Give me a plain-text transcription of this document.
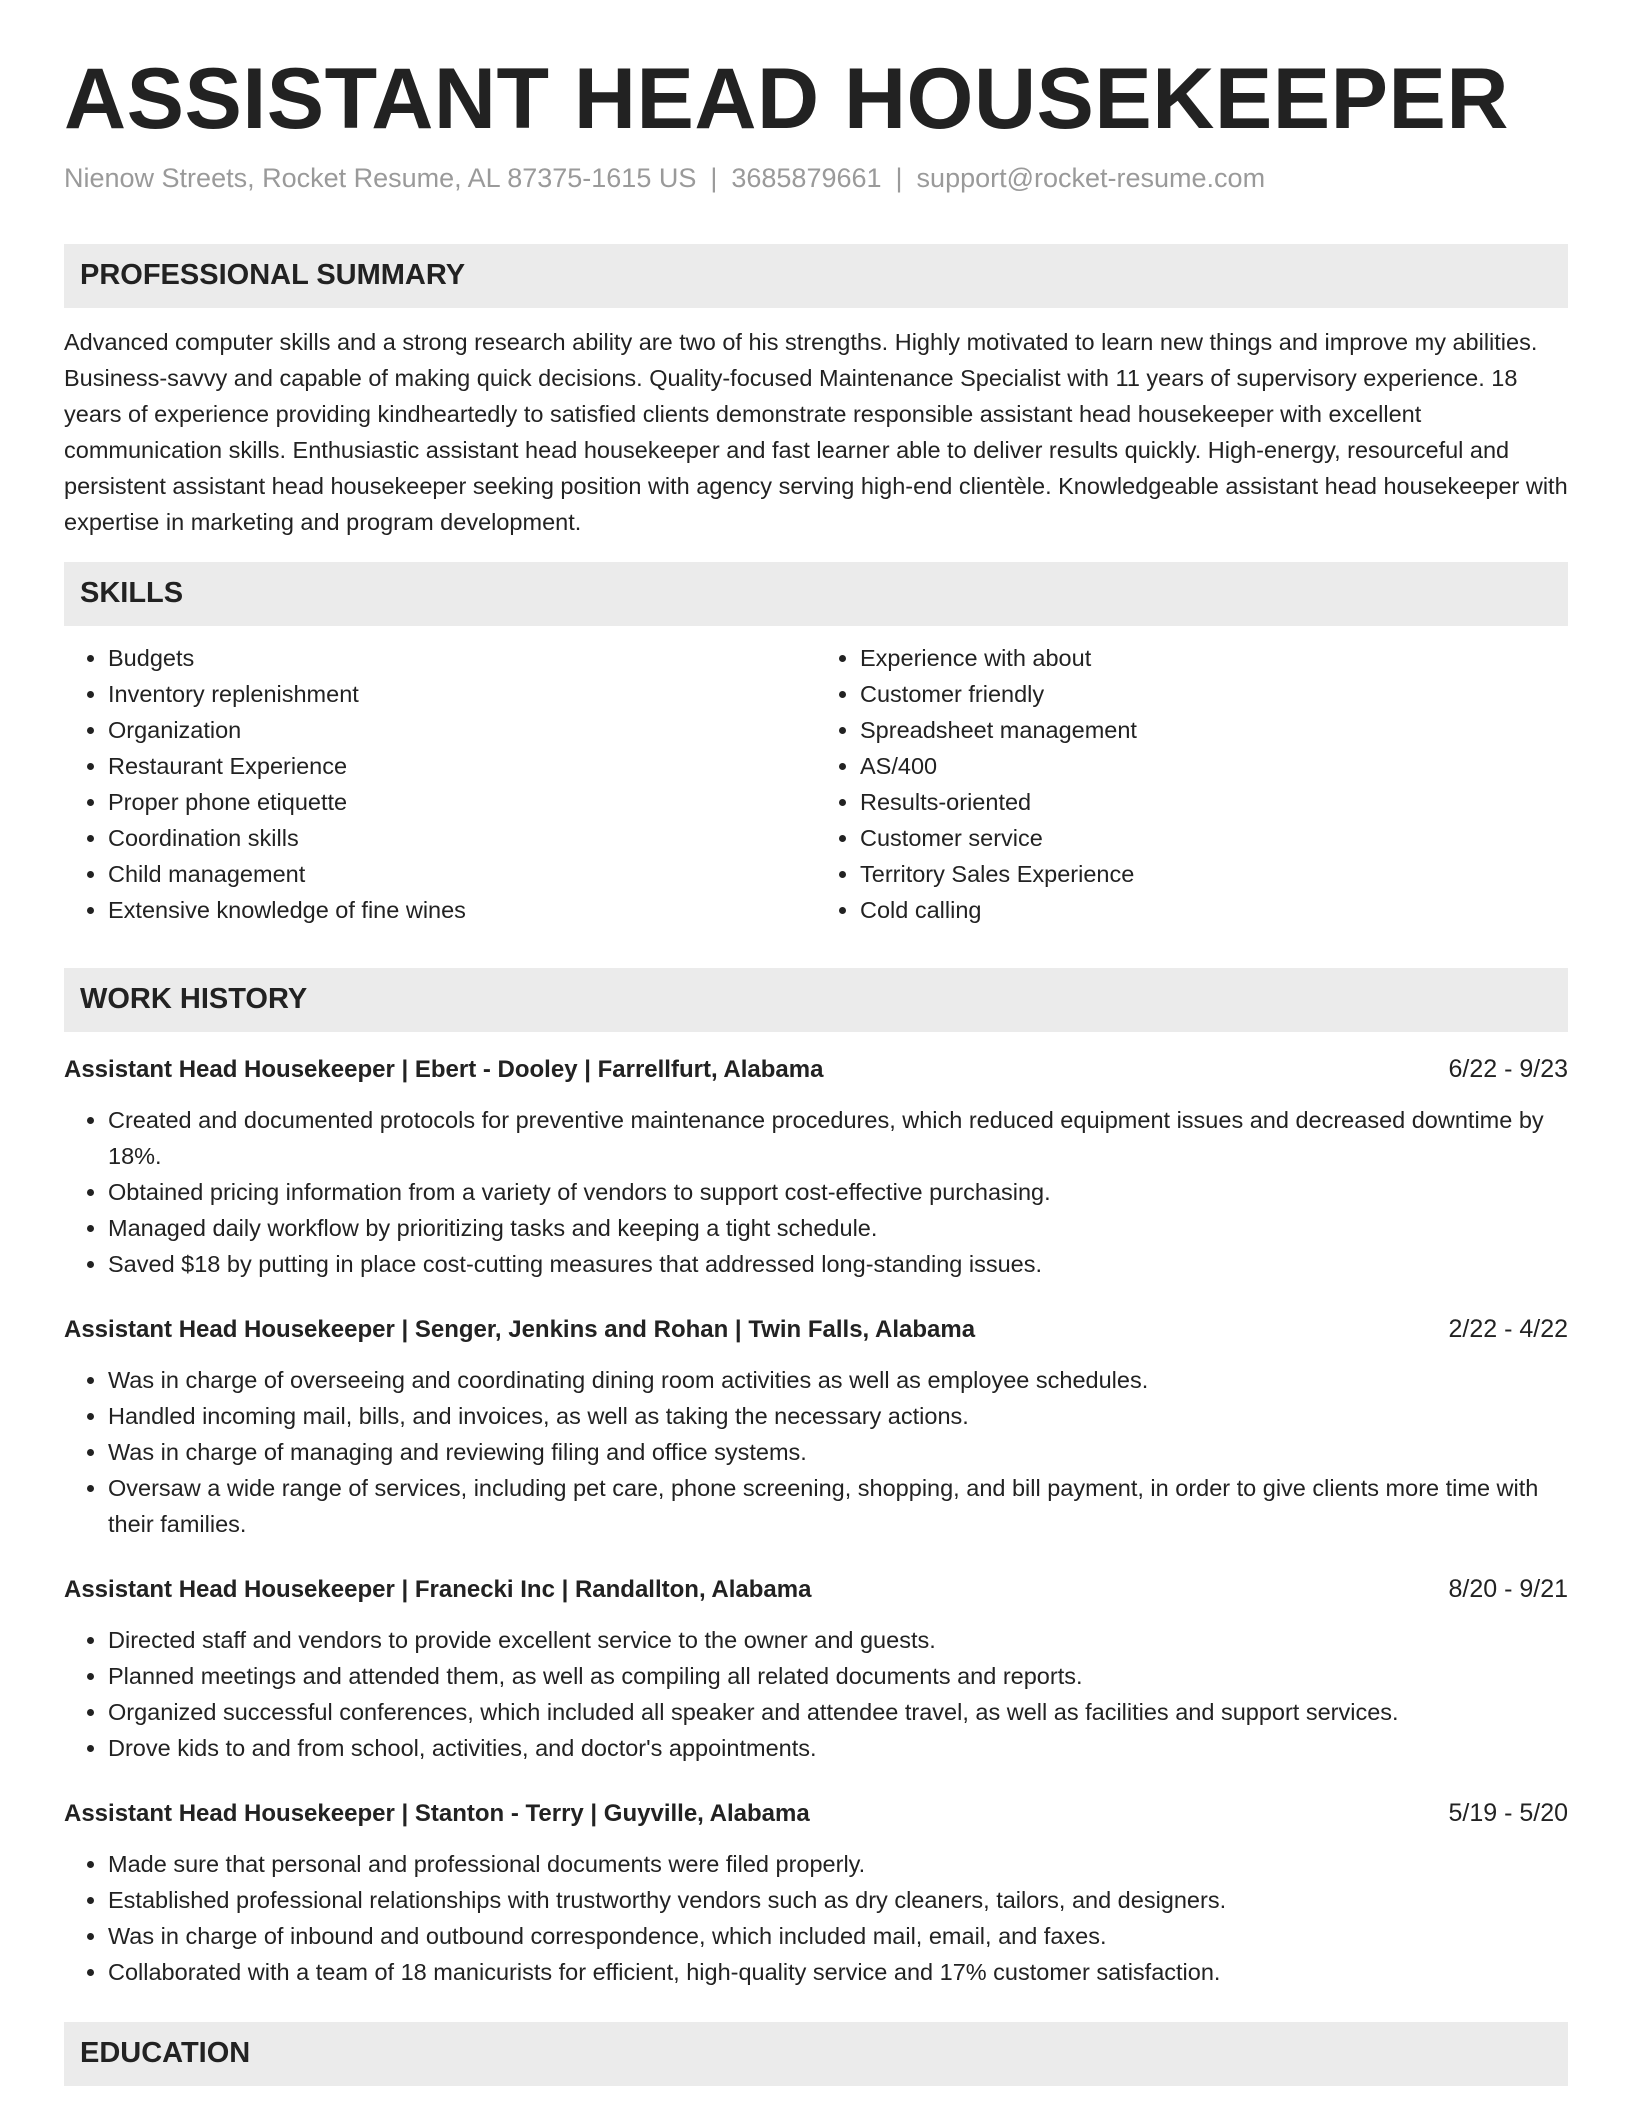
ASSISTANT HEAD HOUSEKEEPER
Nienow Streets, Rocket Resume, AL 87375-1615 US | 3685879661 | support@rocket-resume.com
PROFESSIONAL SUMMARY
Advanced computer skills and a strong research ability are two of his strengths. Highly motivated to learn new things and improve my abilities. Business-savvy and capable of making quick decisions. Quality-focused Maintenance Specialist with 11 years of supervisory experience. 18 years of experience providing kindheartedly to satisfied clients demonstrate responsible assistant head housekeeper with excellent communication skills. Enthusiastic assistant head housekeeper and fast learner able to deliver results quickly. High-energy, resourceful and persistent assistant head housekeeper seeking position with agency serving high-end clientèle. Knowledgeable assistant head housekeeper with expertise in marketing and program development.
SKILLS
• Budgets
• Inventory replenishment
• Organization
• Restaurant Experience
• Proper phone etiquette
• Coordination skills
• Child management
• Extensive knowledge of fine wines
• Experience with about
• Customer friendly
• Spreadsheet management
• AS/400
• Results-oriented
• Customer service
• Territory Sales Experience
• Cold calling
WORK HISTORY
Assistant Head Housekeeper | Ebert - Dooley | Farrellfurt, Alabama	6/22 - 9/23
• Created and documented protocols for preventive maintenance procedures, which reduced equipment issues and decreased downtime by 18%.
• Obtained pricing information from a variety of vendors to support cost-effective purchasing.
• Managed daily workflow by prioritizing tasks and keeping a tight schedule.
• Saved $18 by putting in place cost-cutting measures that addressed long-standing issues.
Assistant Head Housekeeper | Senger, Jenkins and Rohan | Twin Falls, Alabama	2/22 - 4/22
• Was in charge of overseeing and coordinating dining room activities as well as employee schedules.
• Handled incoming mail, bills, and invoices, as well as taking the necessary actions.
• Was in charge of managing and reviewing filing and office systems.
• Oversaw a wide range of services, including pet care, phone screening, shopping, and bill payment, in order to give clients more time with their families.
Assistant Head Housekeeper | Franecki Inc | Randallton, Alabama	8/20 - 9/21
• Directed staff and vendors to provide excellent service to the owner and guests.
• Planned meetings and attended them, as well as compiling all related documents and reports.
• Organized successful conferences, which included all speaker and attendee travel, as well as facilities and support services.
• Drove kids to and from school, activities, and doctor's appointments.
Assistant Head Housekeeper | Stanton - Terry | Guyville, Alabama	5/19 - 5/20
• Made sure that personal and professional documents were filed properly.
• Established professional relationships with trustworthy vendors such as dry cleaners, tailors, and designers.
• Was in charge of inbound and outbound correspondence, which included mail, email, and faxes.
• Collaborated with a team of 18 manicurists for efficient, high-quality service and 17% customer satisfaction.
EDUCATION
